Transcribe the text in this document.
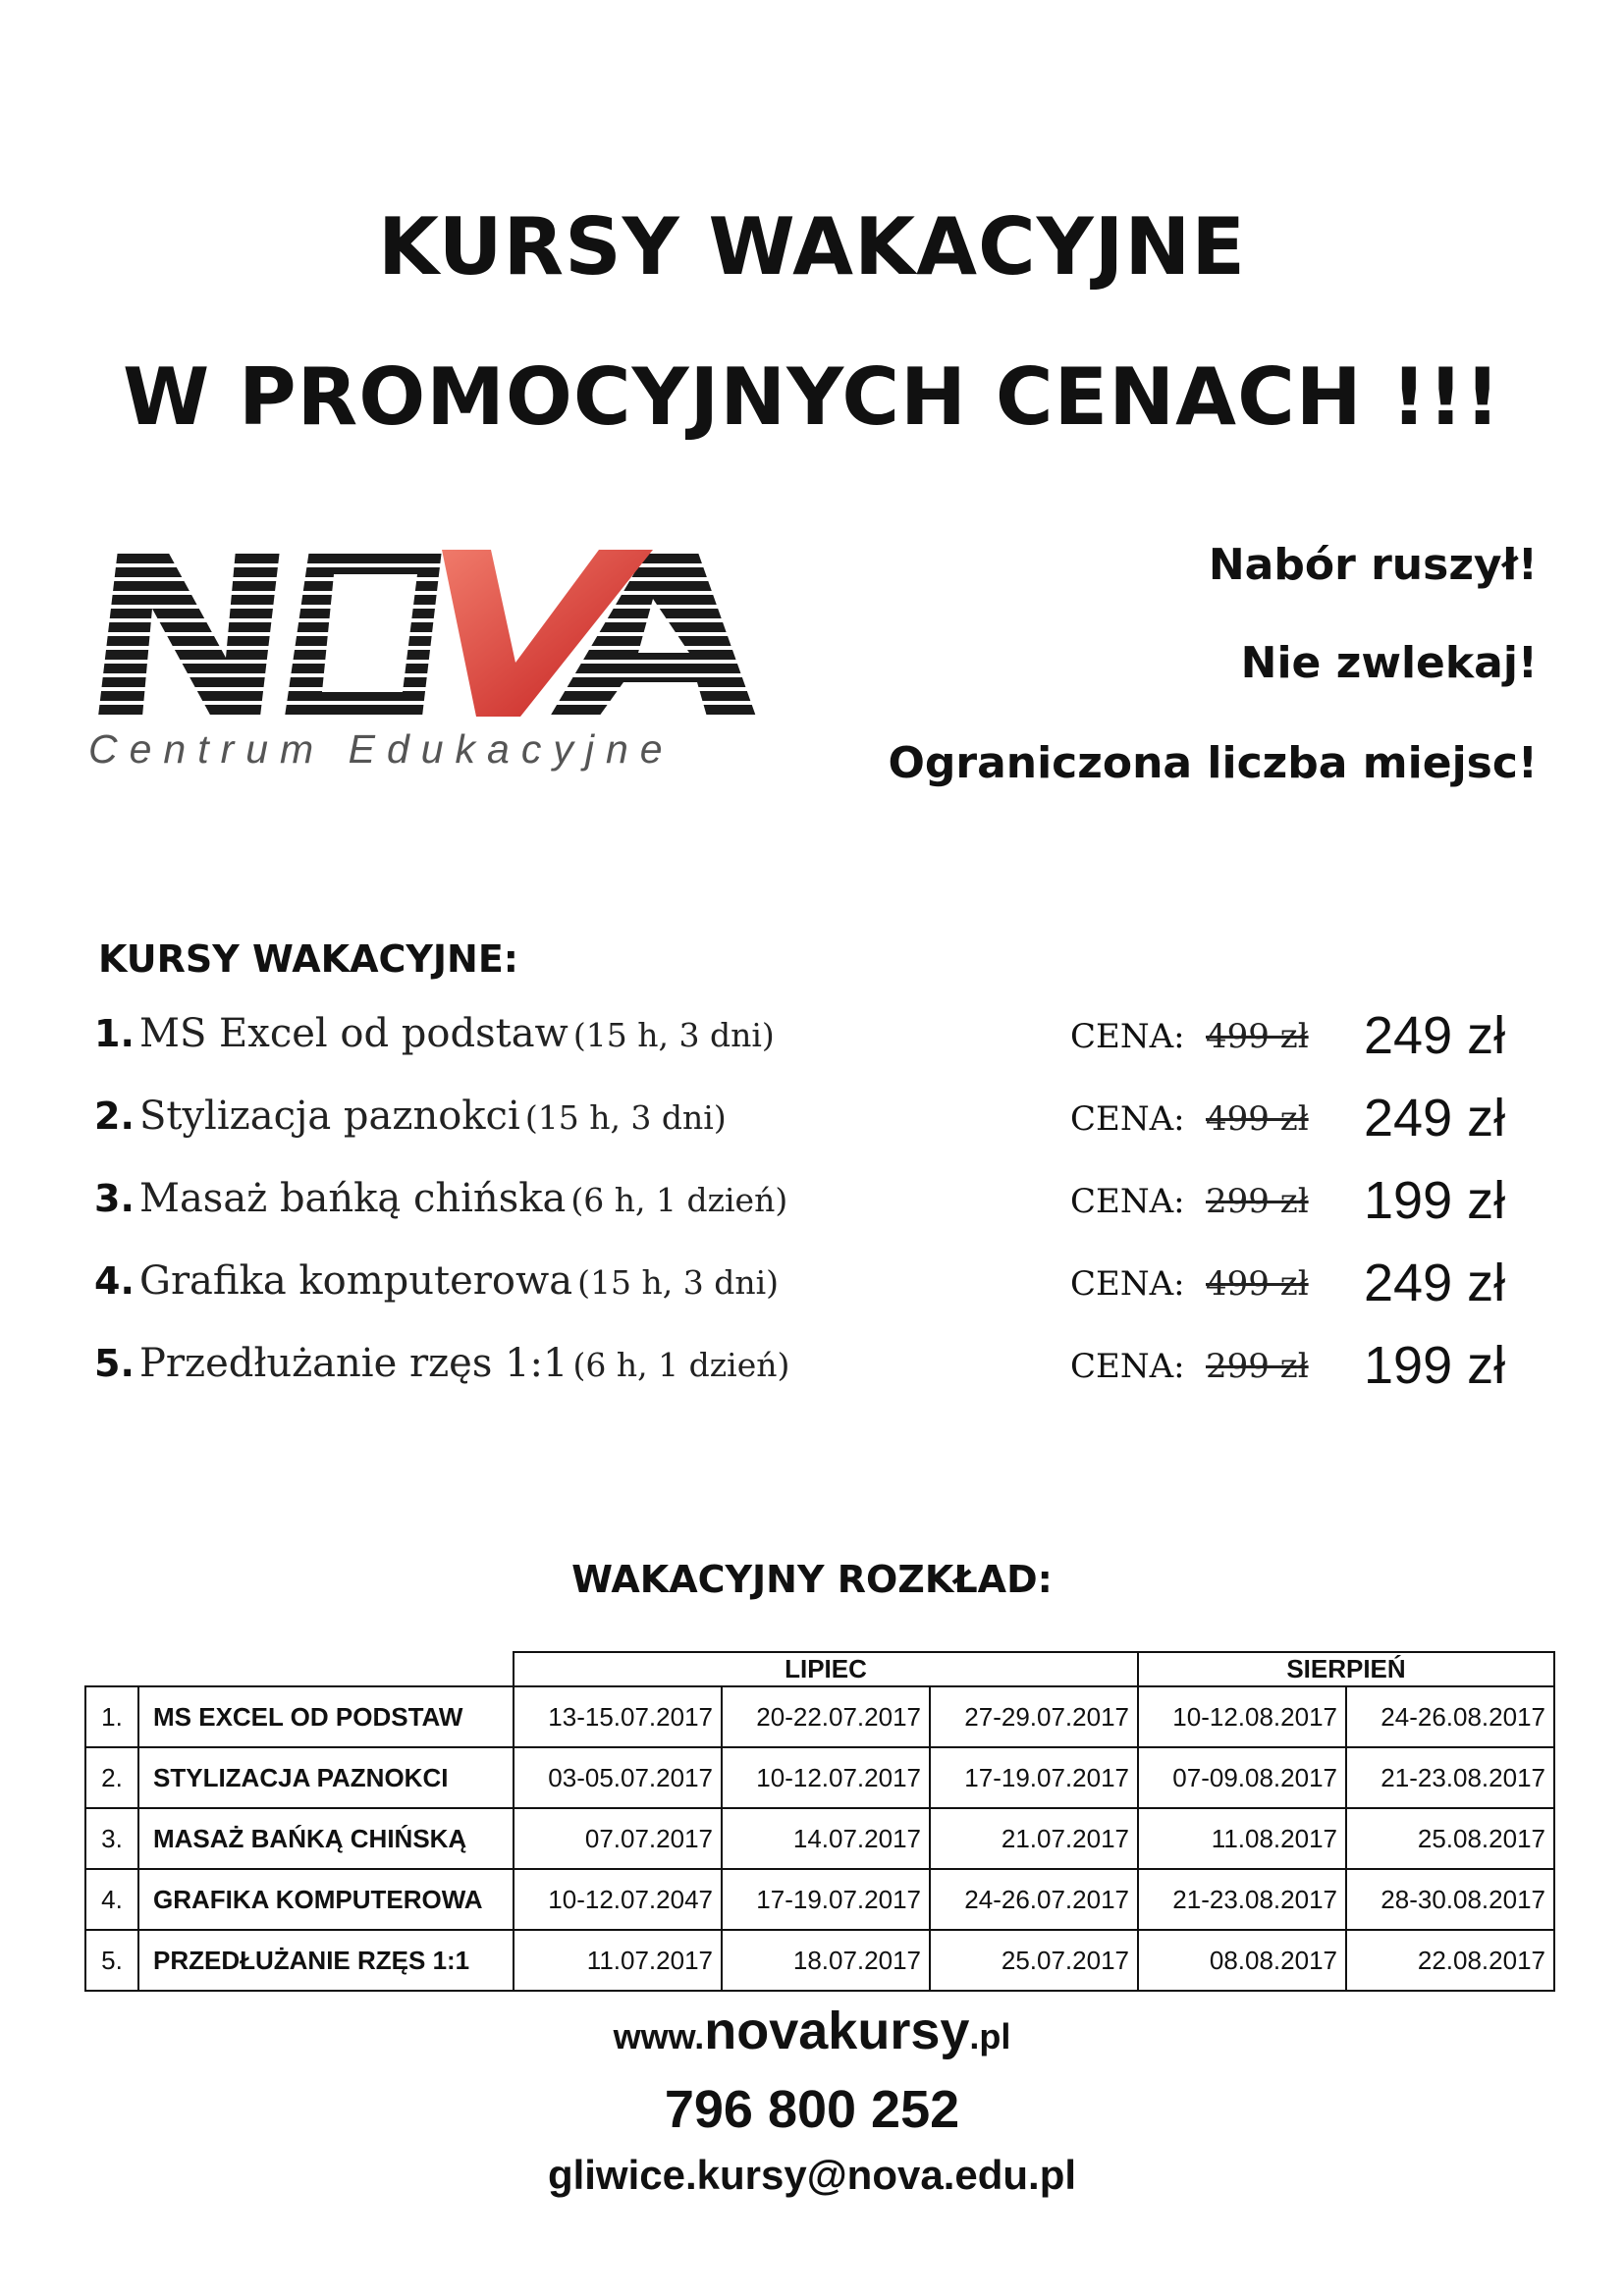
KURSY WAKACYJNE
W PROMOCYJNYCH CENACH !!!
Centrum Edukacyjne
Nabór ruszył!
Nie zwlekaj!
Ograniczona liczba miejsc!
KURSY WAKACYJNE:
1. MS Excel od podstaw (15 h, 3 dni)	CENA: 499 zł 249 zł
2. Stylizacja paznokci (15 h, 3 dni)	CENA: 499 zł 249 zł
3. Masaż bańką chińska (6 h, 1 dzień)	CENA: 299 zł 199 zł
4. Grafika komputerowa (15 h, 3 dni)	CENA: 499 zł 249 zł
5. Przedłużanie rzęs 1:1 (6 h, 1 dzień)	CENA: 299 zł 199 zł
WAKACYJNY ROZKŁAD:
		LIPIEC			SIERPIEŃ	
1.	MS EXCEL OD PODSTAW	13-15.07.2017	20-22.07.2017	27-29.07.2017	10-12.08.2017	24-26.08.2017
2.	STYLIZACJA PAZNOKCI	03-05.07.2017	10-12.07.2017	17-19.07.2017	07-09.08.2017	21-23.08.2017
3.	MASAŻ BAŃKĄ CHIŃSKĄ	07.07.2017	14.07.2017	21.07.2017	11.08.2017	25.08.2017
4.	GRAFIKA KOMPUTEROWA	10-12.07.2047	17-19.07.2017	24-26.07.2017	21-23.08.2017	28-30.08.2017
5.	PRZEDŁUŻANIE RZĘS 1:1	11.07.2017	18.07.2017	25.07.2017	08.08.2017	22.08.2017
www.novakursy.pl
796 800 252
gliwice.kursy@nova.edu.pl
